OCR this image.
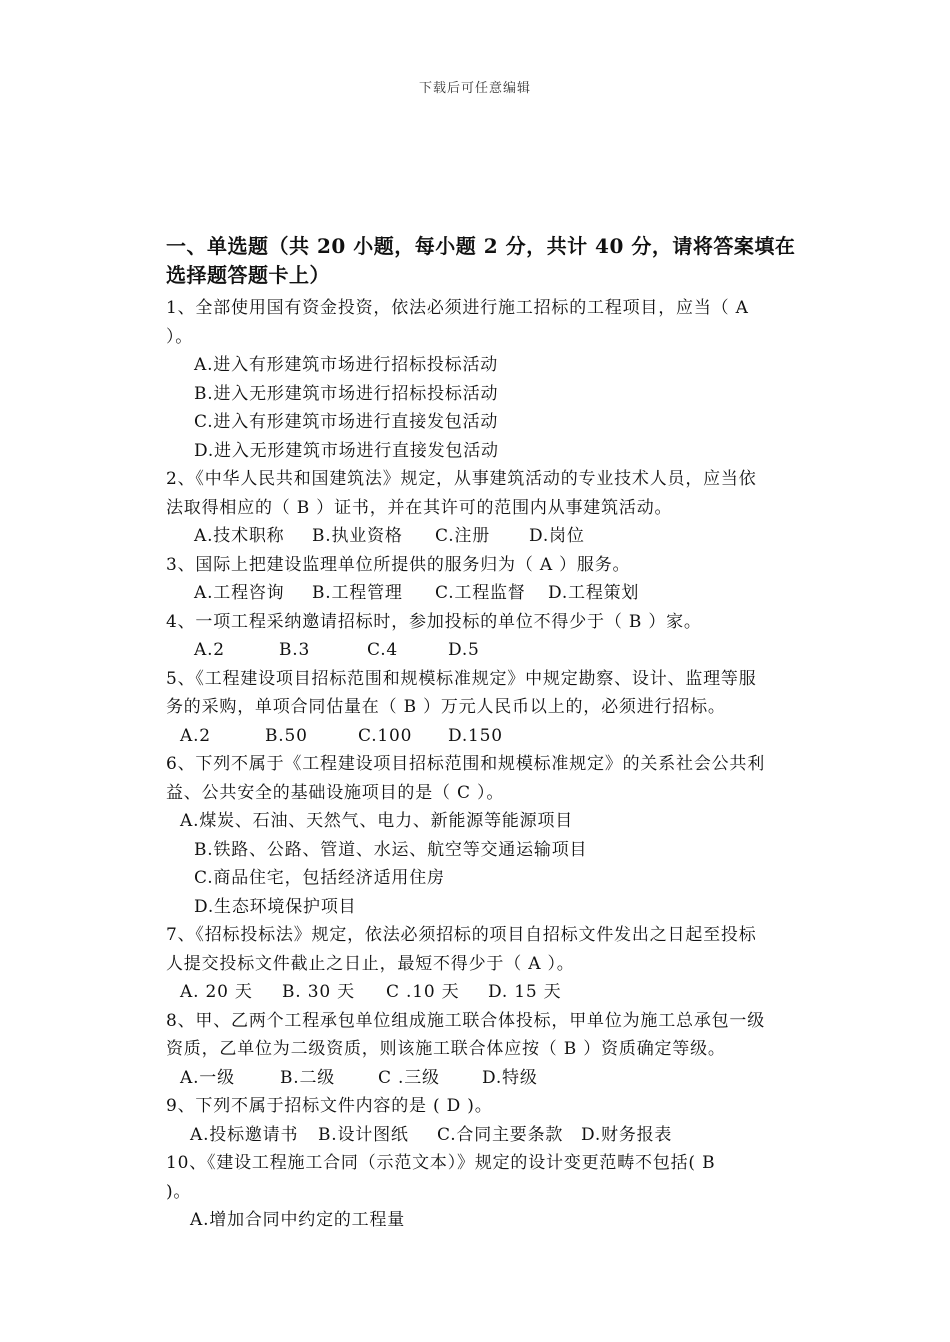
下载后可任意编辑
一、单选题（共 20 小题，每小题 2 分，共计 40 分，请将答案填在
选择题答题卡上）
1、全部使用国有资金投资，依法必须进行施工招标的工程项目，应当（ A
）。
A.进入有形建筑市场进行招标投标活动
B.进入无形建筑市场进行招标投标活动
C.进入有形建筑市场进行直接发包活动
D.进入无形建筑市场进行直接发包活动
2、《中华人民共和国建筑法》规定，从事建筑活动的专业技术人员，应当依
法取得相应的（ B ）证书，并在其许可的范围内从事建筑活动。
A.技术职称 B.执业资格 C.注册 D.岗位
3、国际上把建设监理单位所提供的服务归为（ A ）服务。
A.工程咨询 B.工程管理 C.工程监督 D.工程策划
4、一项工程采纳邀请招标时，参加投标的单位不得少于（ B ）家。
A.2	B.3	C.4	D.5
5、《工程建设项目招标范围和规模标准规定》中规定勘察、设计、监理等服
务的采购，单项合同估量在（ B ）万元人民币以上的，必须进行招标。
A.2	B.50	C.100 D.150
6、下列不属于《工程建设项目招标范围和规模标准规定》的关系社会公共利
益、公共安全的基础设施项目的是（ C ）。
A.煤炭、石油、天然气、电力、新能源等能源项目
B.铁路、公路、管道、水运、航空等交通运输项目
C.商品住宅，包括经济适用住房
D.生态环境保护项目
7、《招标投标法》规定，依法必须招标的项目自招标文件发出之日起至投标
人提交投标文件截止之日止，最短不得少于（ A ）。
A. 20 天 B. 30 天 C .10 天 D. 15 天
8、甲、乙两个工程承包单位组成施工联合体投标，甲单位为施工总承包一级
资质，乙单位为二级资质，则该施工联合体应按（ B ）资质确定等级。
A.一级	B.二级	C .三级 D.特级
9、下列不属于招标文件内容的是 ( D )。
A.投标邀请书 B.设计图纸 C.合同主要条款 D.财务报表
10、《建设工程施工合同（示范文本）》规定的设计变更范畴不包括( B
)。
A.增加合同中约定的工程量
